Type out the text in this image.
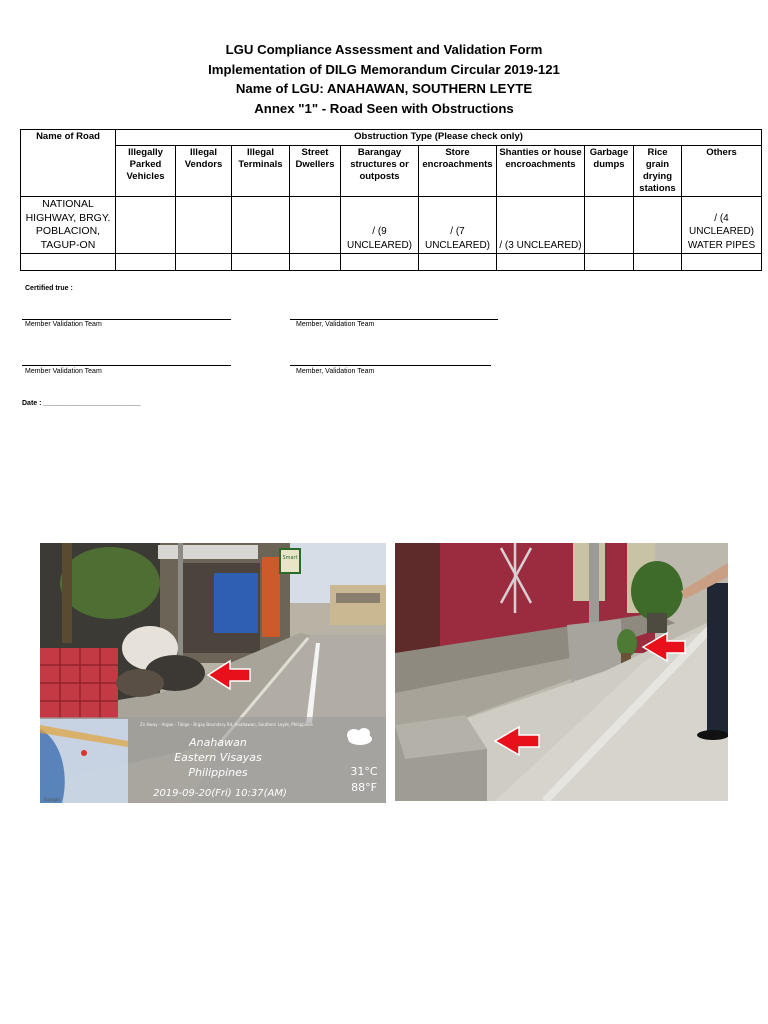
LGU Compliance Assessment and Validation Form
Implementation of DILG Memorandum Circular 2019-121
Name of LGU: ANAHAWAN, SOUTHERN LEYTE
Annex "1" - Road Seen with Obstructions
Name of Road	Obstruction Type (Please check only)									
	Illegally Parked Vehicles	Illegal Vendors	Illegal Terminals	Street Dwellers	Barangay structures or outposts	Store encroachments	Shanties or house encroachments	Garbage dumps	Rice grain drying stations	Others
NATIONAL HIGHWAY, BRGY. POBLACION, TAGUP-ON					/ (9 UNCLEARED)	/ (7 UNCLEARED)	/ (3 UNCLEARED)			/ (4 UNCLEARED) WATER PIPES

Certified true :
Member Validation Team	Member, Validation Team
Member Validation Team	Member, Validation Team
Date : _________________________
Smart
Google
Zn Hway - Argao - Tibigo - Brgay Boundary Rd, Anahawan, Southern Leyte, Philippines
Anahawan
Eastern Visayas
Philippines
2019-09-20(Fri) 10:37(AM)
31°C
88°F
